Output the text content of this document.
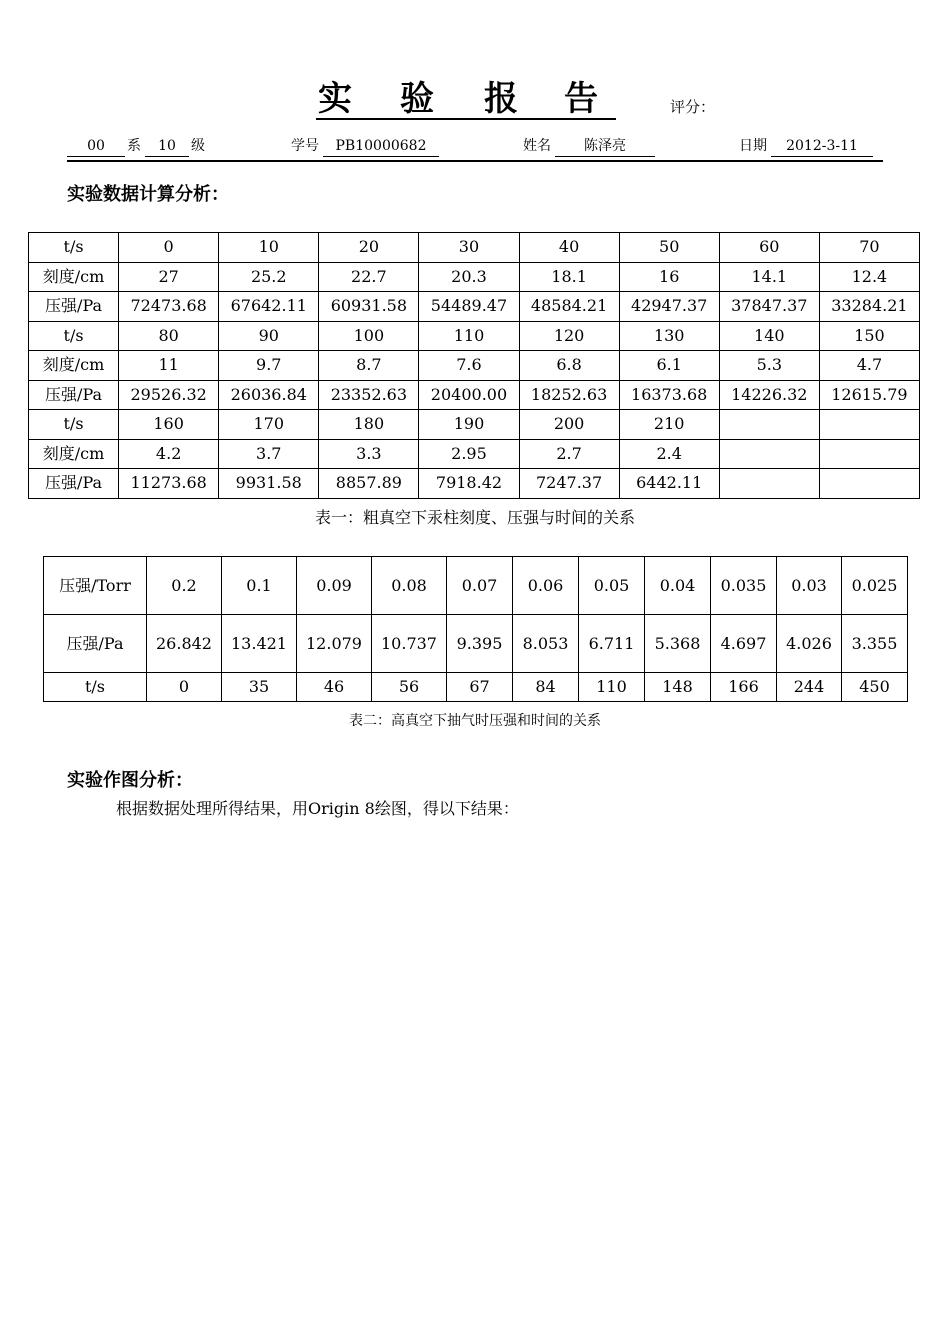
实 验 报 告	评分：
00	系	10	级	学号	PB10000682	姓名	陈泽亮	日期	2012-3-11
实验数据计算分析：
t/s	0	10	20	30	40	50	60	70
刻度/cm	27	25.2	22.7	20.3	18.1	16	14.1	12.4
压强/Pa	72473.68	67642.11	60931.58	54489.47	48584.21	42947.37	37847.37	33284.21
t/s	80	90	100	110	120	130	140	150
刻度/cm	11	9.7	8.7	7.6	6.8	6.1	5.3	4.7
压强/Pa	29526.32	26036.84	23352.63	20400.00	18252.63	16373.68	14226.32	12615.79
t/s	160	170	180	190	200	210		
刻度/cm	4.2	3.7	3.3	2.95	2.7	2.4		
压强/Pa	11273.68	9931.58	8857.89	7918.42	7247.37	6442.11		
表一：粗真空下汞柱刻度、压强与时间的关系
压强/Torr	0.2	0.1	0.09	0.08	0.07	0.06	0.05	0.04	0.035	0.03	0.025
压强/Pa	26.842	13.421	12.079	10.737	9.395	8.053	6.711	5.368	4.697	4.026	3.355
t/s	0	35	46	56	67	84	110	148	166	244	450
表二：高真空下抽气时压强和时间的关系
实验作图分析：
根据数据处理所得结果，用Origin 8绘图，得以下结果：
